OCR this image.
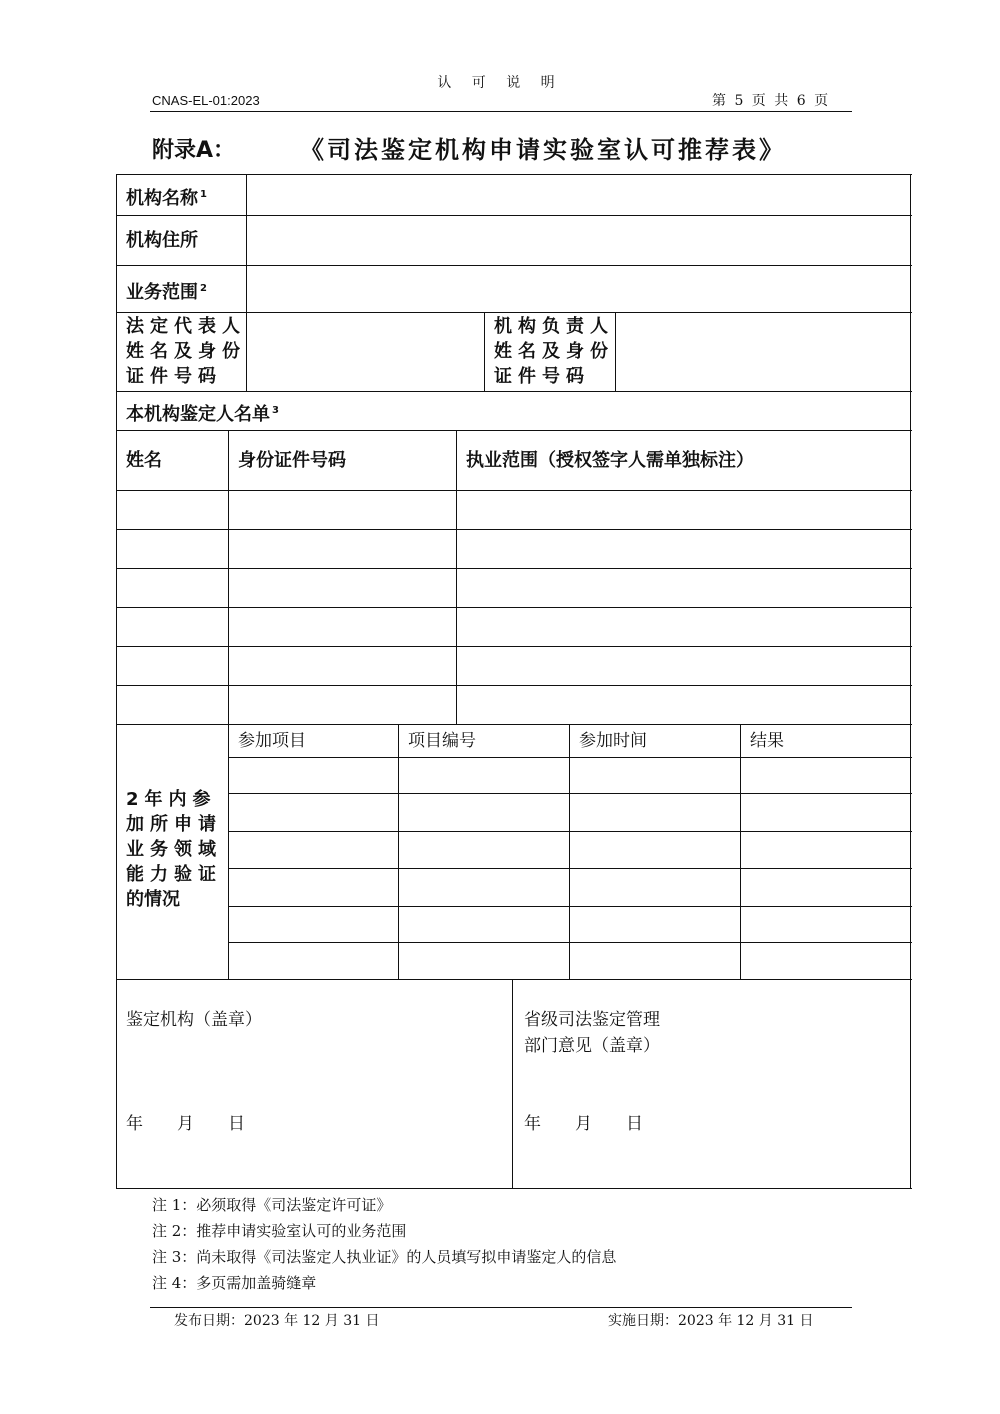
认 可 说 明
CNAS-EL-01:2023	第 5 页 共 6 页
附录A：	《司法鉴定机构申请实验室认可推荐表》
机构名称 $^1$
机构住所
业务范围 $^2$
法定代表人
姓名及身份
证件号码
机构负责人
姓名及身份
证件号码
本机构鉴定人名单 $^3$
姓名	身份证件号码	执业范围（授权签字人需单独标注）
2年内参
加所申请
业务领域
能力验证
的情况
参加项目	项目编号	参加时间	结果
鉴定机构（盖章）	省级司法鉴定管理
部门意见（盖章）
年　　月　　日	年　　月　　日
注 1：必须取得《司法鉴定许可证》
注 2：推荐申请实验室认可的业务范围
注 3：尚未取得《司法鉴定人执业证》的人员填写拟申请鉴定人的信息
注 4：多页需加盖骑缝章
发布日期：2023 年 12 月 31 日	实施日期：2023 年 12 月 31 日
